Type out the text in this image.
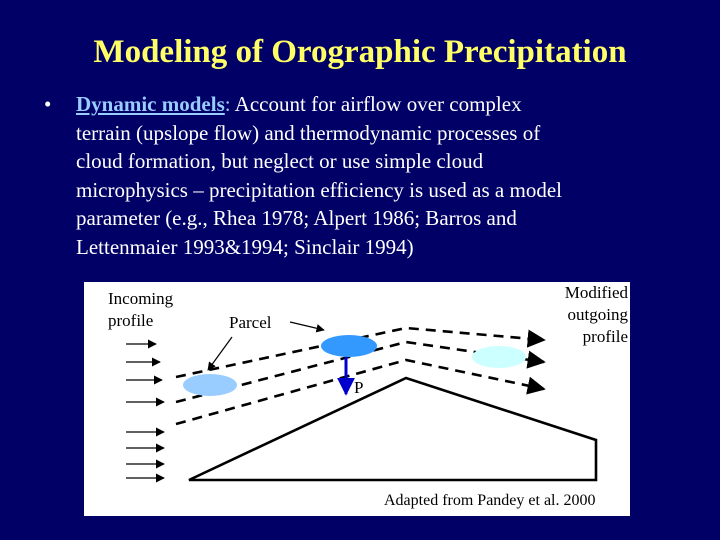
Modeling of Orographic Precipitation
• Dynamic models: Account for airflow over complex
terrain (upslope flow) and thermodynamic processes of
cloud formation, but neglect or use simple cloud
microphysics – precipitation efficiency is used as a model
parameter (e.g., Rhea 1978; Alpert 1986; Barros and
Lettenmaier 1993&1994; Sinclair 1994)
Incoming
profile	Parcel
Modified
outgoing
profile
P
Adapted from Pandey et al. 2000
